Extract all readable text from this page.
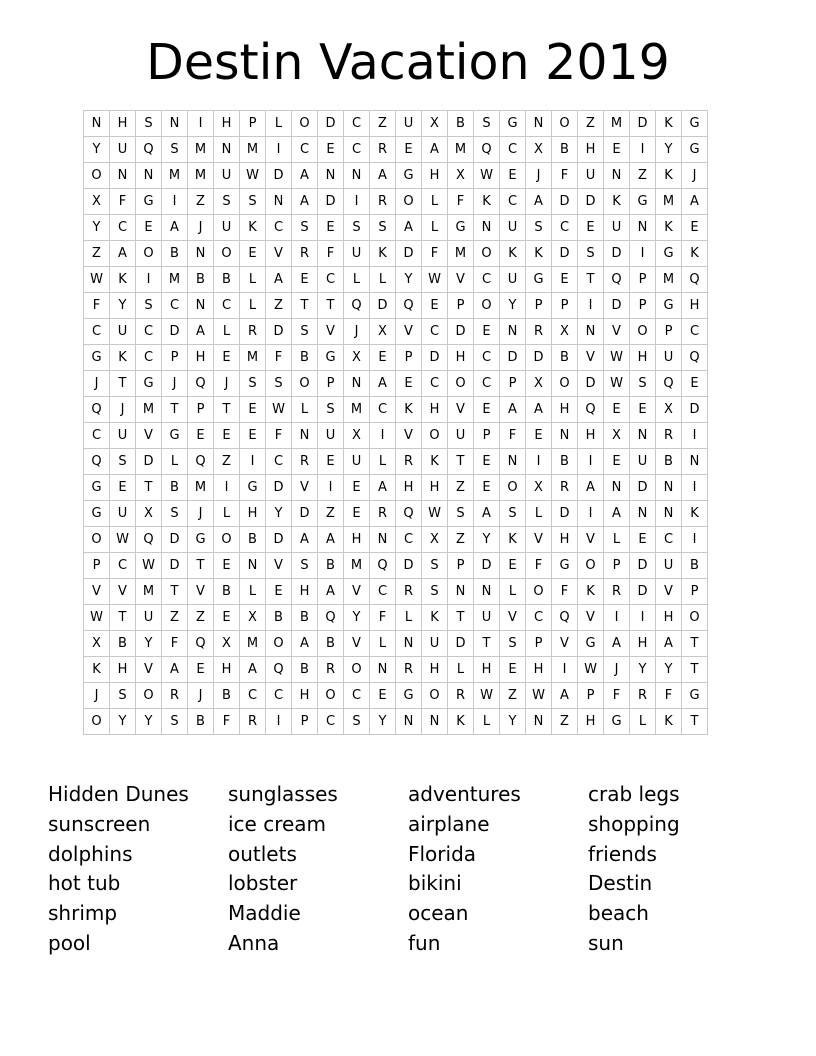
Destin Vacation 2019
N	H	S	N	I	H	P	L	O	D	C	Z	U	X	B	S	G	N	O	Z	M	D	K	G
Y	U	Q	S	M	N	M	I	C	E	C	R	E	A	M	Q	C	X	B	H	E	I	Y	G
O	N	N	M	M	U	W	D	A	N	N	A	G	H	X	W	E	J	F	U	N	Z	K	J
X	F	G	I	Z	S	S	N	A	D	I	R	O	L	F	K	C	A	D	D	K	G	M	A
Y	C	E	A	J	U	K	C	S	E	S	S	A	L	G	N	U	S	C	E	U	N	K	E
Z	A	O	B	N	O	E	V	R	F	U	K	D	F	M	O	K	K	D	S	D	I	G	K
W	K	I	M	B	B	L	A	E	C	L	L	Y	W	V	C	U	G	E	T	Q	P	M	Q
F	Y	S	C	N	C	L	Z	T	T	Q	D	Q	E	P	O	Y	P	P	I	D	P	G	H
C	U	C	D	A	L	R	D	S	V	J	X	V	C	D	E	N	R	X	N	V	O	P	C
G	K	C	P	H	E	M	F	B	G	X	E	P	D	H	C	D	D	B	V	W	H	U	Q
J	T	G	J	Q	J	S	S	O	P	N	A	E	C	O	C	P	X	O	D	W	S	Q	E
Q	J	M	T	P	T	E	W	L	S	M	C	K	H	V	E	A	A	H	Q	E	E	X	D
C	U	V	G	E	E	E	F	N	U	X	I	V	O	U	P	F	E	N	H	X	N	R	I
Q	S	D	L	Q	Z	I	C	R	E	U	L	R	K	T	E	N	I	B	I	E	U	B	N
G	E	T	B	M	I	G	D	V	I	E	A	H	H	Z	E	O	X	R	A	N	D	N	I
G	U	X	S	J	L	H	Y	D	Z	E	R	Q	W	S	A	S	L	D	I	A	N	N	K
O	W	Q	D	G	O	B	D	A	A	H	N	C	X	Z	Y	K	V	H	V	L	E	C	I
P	C	W	D	T	E	N	V	S	B	M	Q	D	S	P	D	E	F	G	O	P	D	U	B
V	V	M	T	V	B	L	E	H	A	V	C	R	S	N	N	L	O	F	K	R	D	V	P
W	T	U	Z	Z	E	X	B	B	Q	Y	F	L	K	T	U	V	C	Q	V	I	I	H	O
X	B	Y	F	Q	X	M	O	A	B	V	L	N	U	D	T	S	P	V	G	A	H	A	T
K	H	V	A	E	H	A	Q	B	R	O	N	R	H	L	H	E	H	I	W	J	Y	Y	T
J	S	O	R	J	B	C	C	H	O	C	E	G	O	R	W	Z	W	A	P	F	R	F	G
O	Y	Y	S	B	F	R	I	P	C	S	Y	N	N	K	L	Y	N	Z	H	G	L	K	T
Hidden Dunes	sunglasses	adventures	crab legs
sunscreen	ice cream	airplane	shopping
dolphins	outlets	Florida	friends
hot tub	lobster	bikini	Destin
shrimp	Maddie	ocean	beach
pool	Anna	fun	sun
